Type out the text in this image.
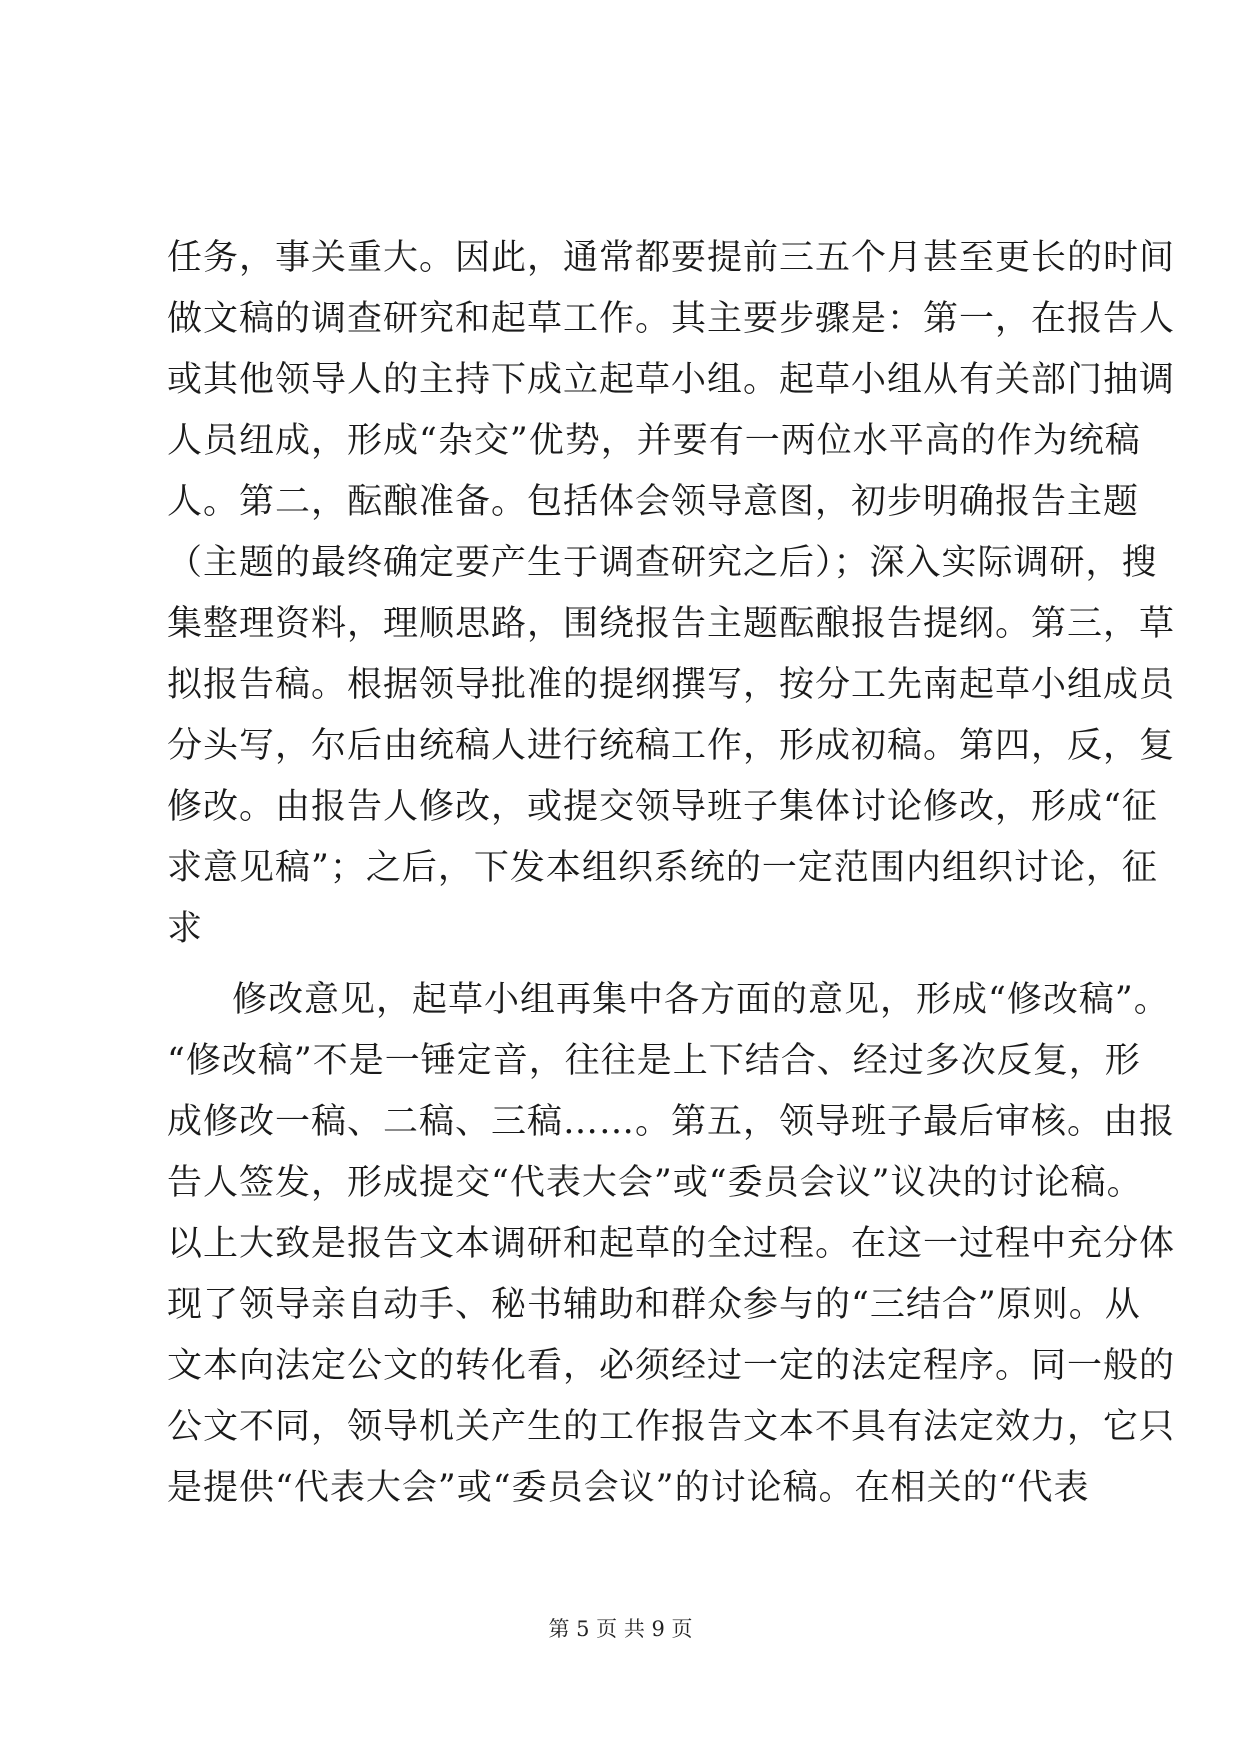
任务，事关重大。因此，通常都要提前三五个月甚至更长的时间
做文稿的调查研究和起草工作。其主要步骤是：第一，在报告人
或其他领导人的主持下成立起草小组。起草小组从有关部门抽调
人员纽成，形成“杂交”优势，并要有一两位水平高的作为统稿
人。第二，酝酿准备。包括体会领导意图，初步明确报告主题
（主题的最终确定要产生于调查研究之后）；深入实际调研，搜
集整理资料，理顺思路，围绕报告主题酝酿报告提纲。第三，草
拟报告稿。根据领导批准的提纲撰写，按分工先南起草小组成员
分头写，尔后由统稿人进行统稿工作，形成初稿。第四，反，复
修改。由报告人修改，或提交领导班子集体讨论修改，形成“征
求意见稿”；之后，下发本组织系统的一定范围内组织讨论，征
求
修改意见，起草小组再集中各方面的意见，形成“修改稿”。
“修改稿”不是一锤定音，往往是上下结合、经过多次反复，形
成修改一稿、二稿、三稿……。第五，领导班子最后审核。由报
告人签发，形成提交“代表大会”或“委员会议”议决的讨论稿。
以上大致是报告文本调研和起草的全过程。在这一过程中充分体
现了领导亲自动手、秘书辅助和群众参与的“三结合”原则。从
文本向法定公文的转化看，必须经过一定的法定程序。同一般的
公文不同，领导机关产生的工作报告文本不具有法定效力，它只
是提供“代表大会”或“委员会议”的讨论稿。在相关的“代表
第 5 页 共 9 页
